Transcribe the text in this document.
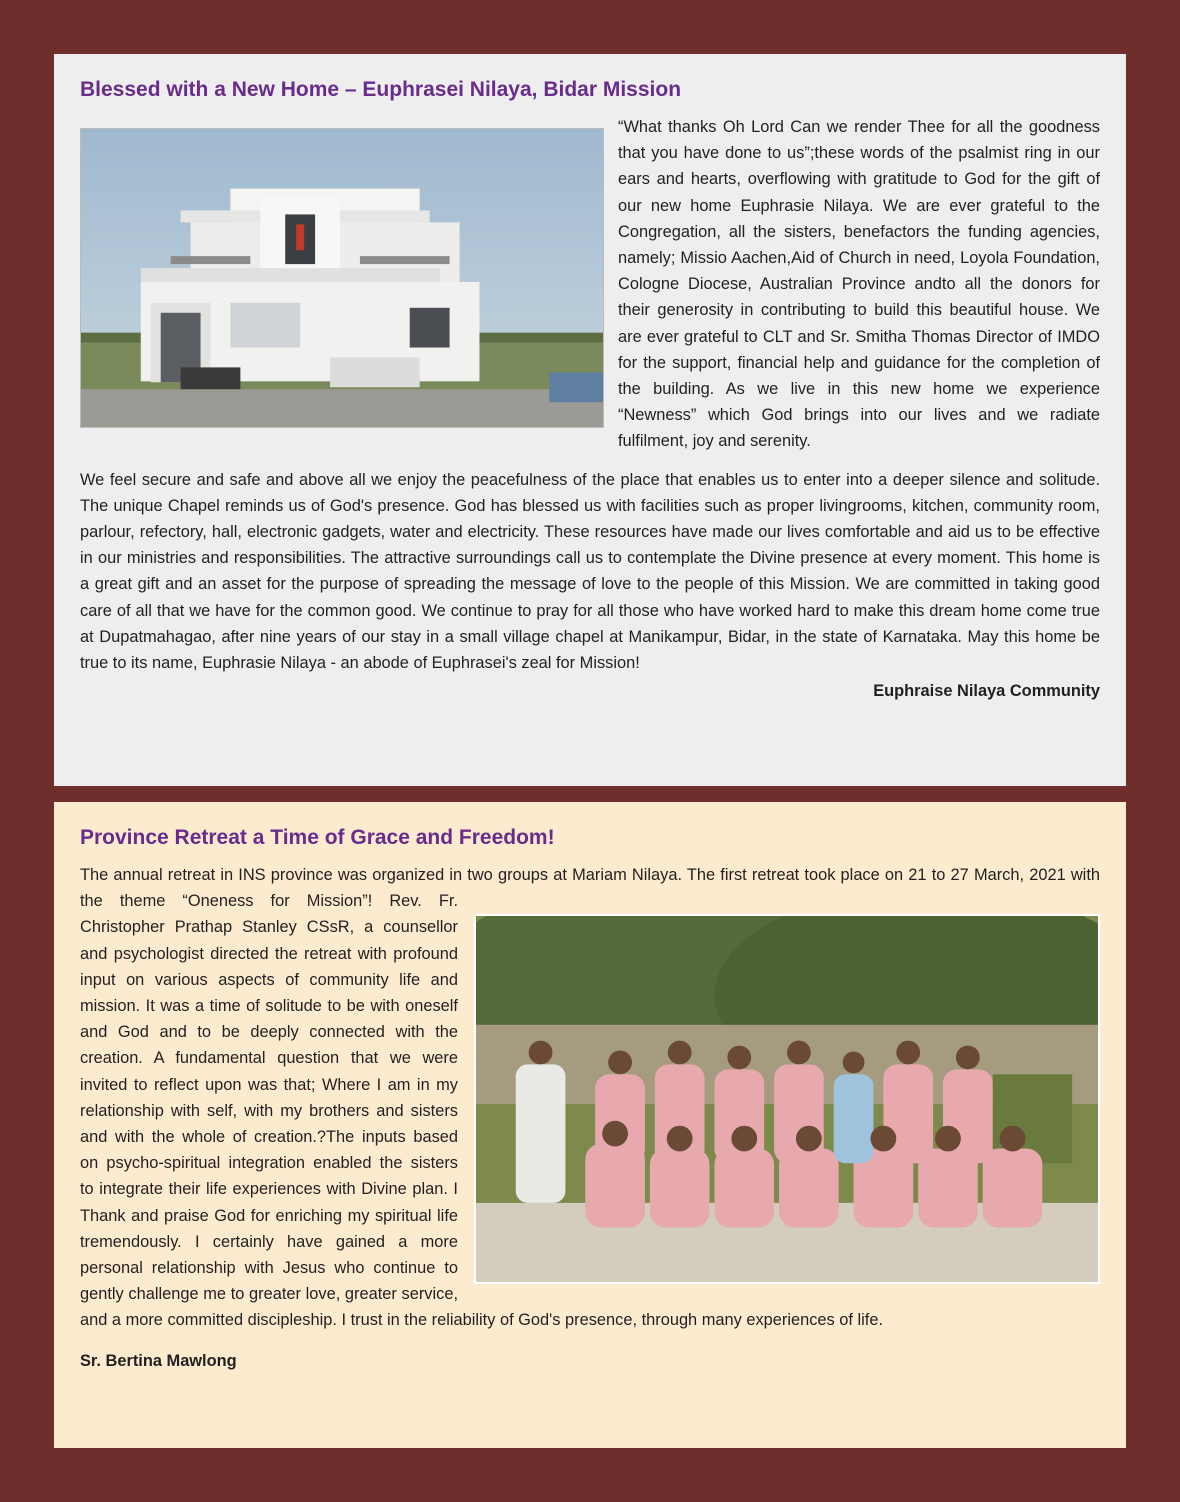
Blessed with a New Home – Euphrasei Nilaya, Bidar Mission

“What thanks Oh Lord Can we render Thee for all the goodness that you have done to us”;these words of the psalmist ring in our ears and hearts, overflowing with gratitude to God for the gift of our new home Euphrasie Nilaya. We are ever grateful to the Congregation, all the sisters, benefactors the funding agencies, namely; Missio Aachen,Aid of Church in need, Loyola Foundation, Cologne Diocese, Australian Province andto all the donors for their generosity in contributing to build this beautiful house. We are ever grateful to CLT and Sr. Smitha Thomas Director of IMDO for the support, financial help and guidance for the completion of the building. As we live in this new home we experience “Newness” which God brings into our lives and we radiate fulfilment, joy and serenity.

We feel secure and safe and above all we enjoy the peacefulness of the place that enables us to enter into a deeper silence and solitude. The unique Chapel reminds us of God's presence. God has blessed us with facilities such as proper livingrooms, kitchen, community room, parlour, refectory, hall, electronic gadgets, water and electricity. These resources have made our lives comfortable and aid us to be effective in our ministries and responsibilities. The attractive surroundings call us to contemplate the Divine presence at every moment. This home is a great gift and an asset for the purpose of spreading the message of love to the people of this Mission. We are committed in taking good care of all that we have for the common good. We continue to pray for all those who have worked hard to make this dream home come true at Dupatmahagao, after nine years of our stay in a small village chapel at Manikampur, Bidar, in the state of Karnataka. May this home be true to its name, Euphrasie Nilaya - an abode of Euphrasei's zeal for Mission!

Euphraise Nilaya Community
Province Retreat a Time of Grace and Freedom!

The annual retreat in INS province was organized in two groups at Mariam Nilaya. The first retreat took place on 21 to 27 March, 2021 with the theme “Oneness for Mission”! Rev. Fr. Christopher Prathap Stanley CSsR, a counsellor and psychologist directed the retreat with profound input on various aspects of community life and mission. It was a time of solitude to be with oneself and God and to be deeply connected with the creation. A fundamental question that we were invited to reflect upon was that; Where I am in my relationship with self, with my brothers and sisters and with the whole of creation.?The inputs based on psycho-spiritual integration enabled the sisters to integrate their life experiences with Divine plan. I Thank and praise God for enriching my spiritual life tremendously. I certainly have gained a more personal relationship with Jesus who continue to gently challenge me to greater love, greater service, and a more committed discipleship. I trust in the reliability of God's presence, through many experiences of life.

Sr. Bertina Mawlong
